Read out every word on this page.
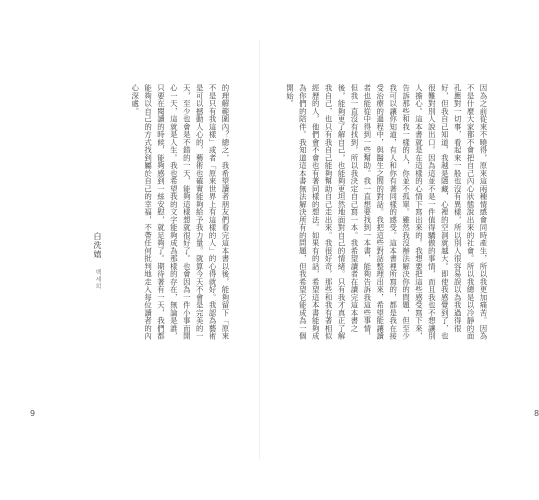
的理解範圍內？總之，我希望讀者朋友們看完這本書以後，能夠留下「原來不是只有我這樣」或者「原來世界上有這樣的人」的心得就好。我認為藝術是可以撼動人心的，藝術也確實能夠給予我力量。就算今天不會是完美的一天，至少也會是不錯的一天，能夠這樣想就很好了。也會因為一件小事而開心一天，這就是人生。我也希望我的文字能夠成為那樣的存在，無論是誰，只要在閱讀的時候，能夠感到一絲安慰，就足夠了。期待著有一天，我們都能夠以自己的方式找到屬於自己的幸福，不帶任何批判地走入每位讀者的內心深處。
白洗嬉 백세희
9
因為之前從來不曉得，原來這兩種情感會同時產生，所以我更加痛苦。因為不是什麼大家都不會把自己內心狀態說出來的社會。所以我總是以冷靜的面孔應對一切事，看起來一般也沒有異樣，所以別人很容易誤以為我過得很好，但我自己知道，我越是隱藏，心裡的空洞就越大。即使我感覺到了，也很難對別人說出口。因為這並不是一件值得驕傲的事情，而且我也不想讓別人擔心。這本書就是在這樣的心情下寫出來的。我想要把這些感受寫下來，告訴那些和我一樣的人，你並不孤單。雖然我沒辦法解決你的問題，但至少我可以讓你知道，有人和你有著同樣的感受。這本書裡所寫的，都是我在接受治療的過程中，與醫生之間的對話。我把這些對話整理出來，希望能讓讀者也能從中得到一些幫助。我一直想要找到一本書，能夠告訴我這些事情，但我一直沒有找到，所以我決定自己寫一本。我希望讀者在讀完這本書之後，能夠更了解自己，也能夠更坦然地面對自己的情緒。只有我才真正了解我自己，也只有我自己能夠幫助自己走出來。我很好奇，那些和我有著相似經歷的人，他們會不會也有著同樣的想法。如果有的話，希望這本書能夠成為你們的陪伴。我知道這本書無法解決所有的問題，但我希望它能成為一個開始。
8
